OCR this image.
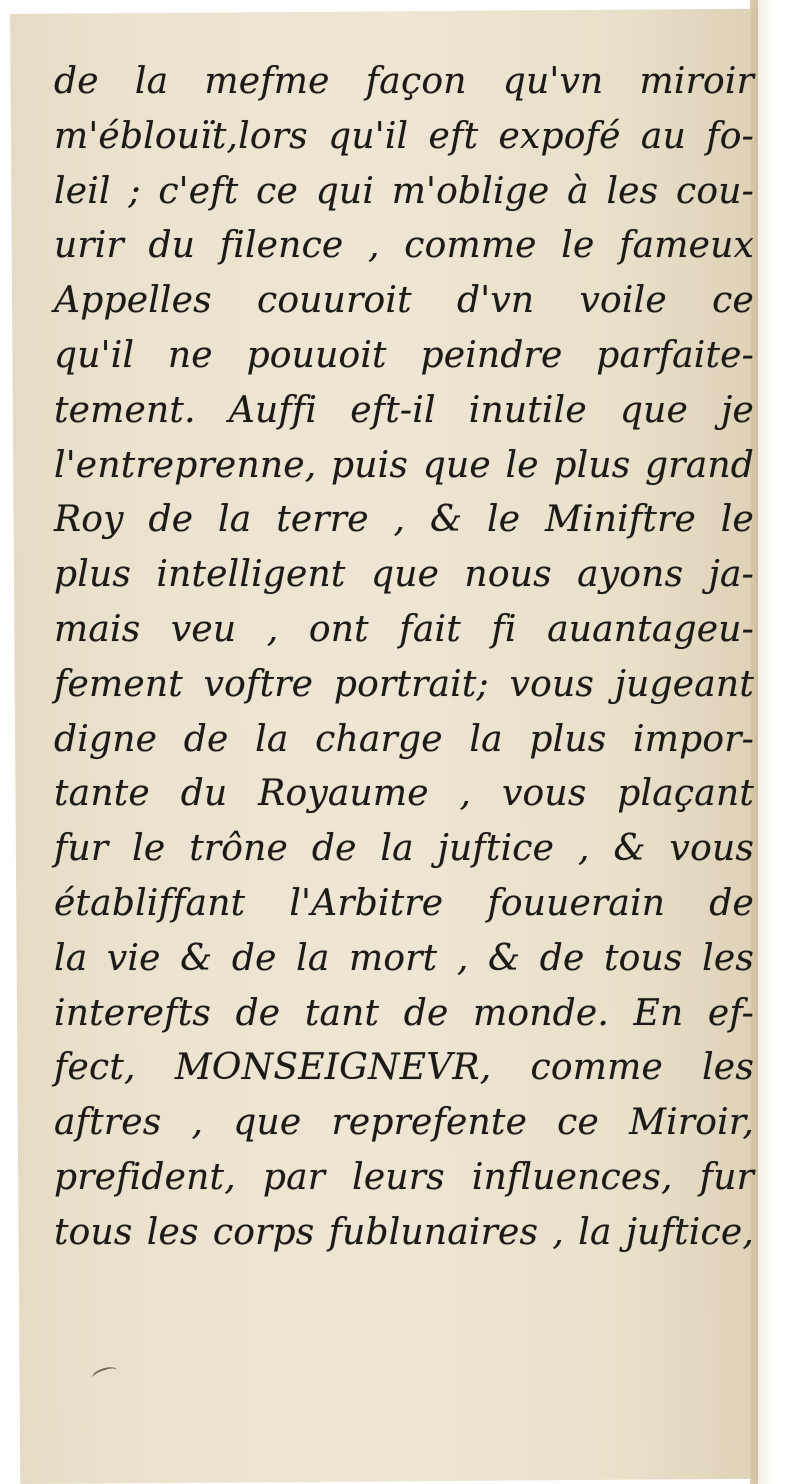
de la mefme façon qu'vn miroir
m'éblouït,lors qu'il eft expofé au fo-
leil ; c'eft ce qui m'oblige à les cou-
urir du filence , comme le fameux
Appelles couuroit d'vn voile ce
qu'il ne pouuoit peindre parfaite-
tement. Auffi eft-il inutile que je
l'entreprenne, puis que le plus grand
Roy de la terre , & le Miniftre le
plus intelligent que nous ayons ja-
mais veu , ont fait fi auantageu-
fement voftre portrait; vous jugeant
digne de la charge la plus impor-
tante du Royaume , vous plaçant
fur le trône de la juftice , & vous
établiffant l'Arbitre fouuerain de
la vie & de la mort , & de tous les
interefts de tant de monde. En ef-
fect, MONSEIGNEVR, comme les
aftres , que reprefente ce Miroir,
prefident, par leurs influences, fur
tous les corps fublunaires , la juftice,
